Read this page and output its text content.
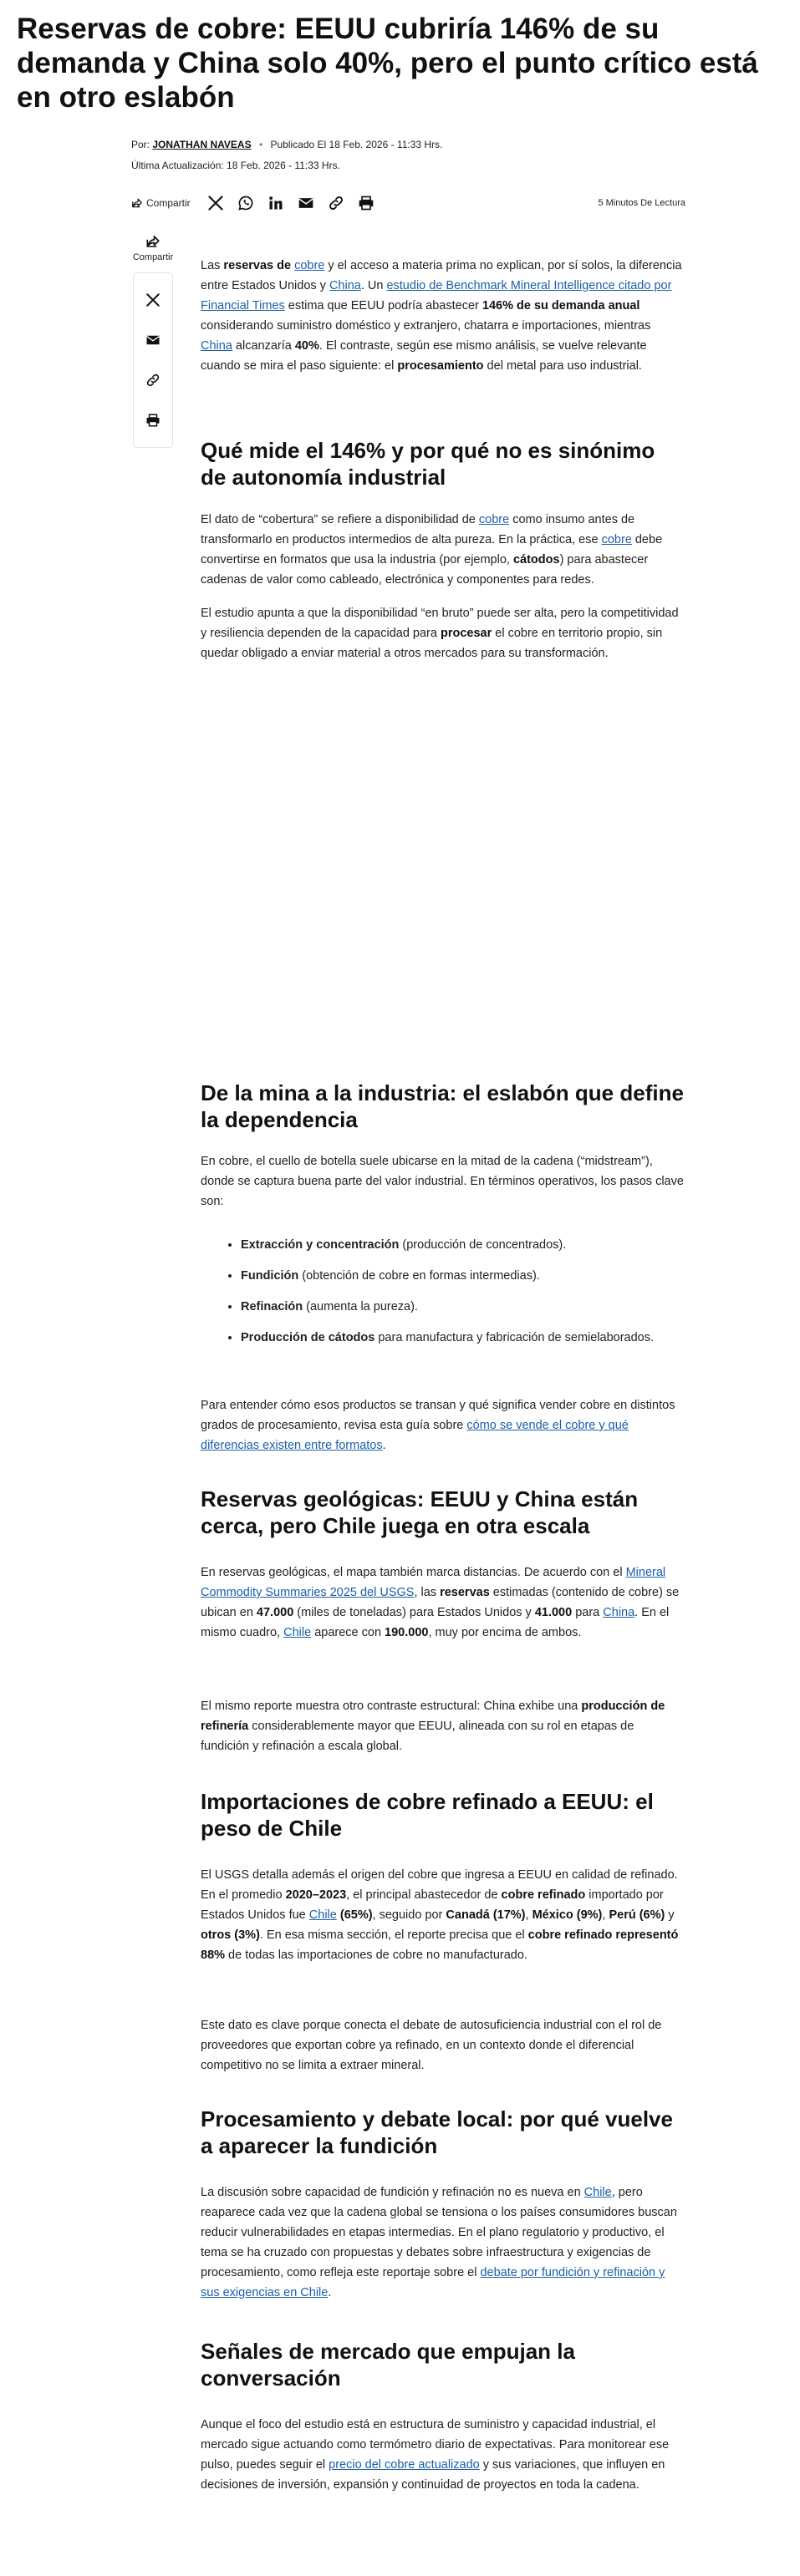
Reservas de cobre: EEUU cubriría 146% de su demanda y China solo 40%, pero el punto crítico está en otro eslabón
Por: JONATHAN NAVEAS • Publicado El 18 Feb. 2026 - 11:33 Hrs.
Última Actualización: 18 Feb. 2026 - 11:33 Hrs.
Compartir	5 Minutos De Lectura
Compartir

Las reservas de cobre y el acceso a materia prima no explican, por sí solos, la diferencia entre Estados Unidos y China. Un estudio de Benchmark Mineral Intelligence citado por Financial Times estima que EEUU podría abastecer 146% de su demanda anual considerando suministro doméstico y extranjero, chatarra e importaciones, mientras China alcanzaría 40%. El contraste, según ese mismo análisis, se vuelve relevante cuando se mira el paso siguiente: el procesamiento del metal para uso industrial.

Qué mide el 146% y por qué no es sinónimo de autonomía industrial

El dato de “cobertura” se refiere a disponibilidad de cobre como insumo antes de transformarlo en productos intermedios de alta pureza. En la práctica, ese cobre debe convertirse en formatos que usa la industria (por ejemplo, cátodos) para abastecer cadenas de valor como cableado, electrónica y componentes para redes.

El estudio apunta a que la disponibilidad “en bruto” puede ser alta, pero la competitividad y resiliencia dependen de la capacidad para procesar el cobre en territorio propio, sin quedar obligado a enviar material a otros mercados para su transformación.

De la mina a la industria: el eslabón que define la dependencia

En cobre, el cuello de botella suele ubicarse en la mitad de la cadena (“midstream”), donde se captura buena parte del valor industrial. En términos operativos, los pasos clave son:

• Extracción y concentración (producción de concentrados).
• Fundición (obtención de cobre en formas intermedias).
• Refinación (aumenta la pureza).
• Producción de cátodos para manufactura y fabricación de semielaborados.

Para entender cómo esos productos se transan y qué significa vender cobre en distintos grados de procesamiento, revisa esta guía sobre cómo se vende el cobre y qué diferencias existen entre formatos.

Reservas geológicas: EEUU y China están cerca, pero Chile juega en otra escala

En reservas geológicas, el mapa también marca distancias. De acuerdo con el Mineral Commodity Summaries 2025 del USGS, las reservas estimadas (contenido de cobre) se ubican en 47.000 (miles de toneladas) para Estados Unidos y 41.000 para China. En el mismo cuadro, Chile aparece con 190.000, muy por encima de ambos.

El mismo reporte muestra otro contraste estructural: China exhibe una producción de refinería considerablemente mayor que EEUU, alineada con su rol en etapas de fundición y refinación a escala global.

Importaciones de cobre refinado a EEUU: el peso de Chile

El USGS detalla además el origen del cobre que ingresa a EEUU en calidad de refinado. En el promedio 2020–2023, el principal abastecedor de cobre refinado importado por Estados Unidos fue Chile (65%), seguido por Canadá (17%), México (9%), Perú (6%) y otros (3%). En esa misma sección, el reporte precisa que el cobre refinado representó 88% de todas las importaciones de cobre no manufacturado.

Este dato es clave porque conecta el debate de autosuficiencia industrial con el rol de proveedores que exportan cobre ya refinado, en un contexto donde el diferencial competitivo no se limita a extraer mineral.

Procesamiento y debate local: por qué vuelve a aparecer la fundición

La discusión sobre capacidad de fundición y refinación no es nueva en Chile, pero reaparece cada vez que la cadena global se tensiona o los países consumidores buscan reducir vulnerabilidades en etapas intermedias. En el plano regulatorio y productivo, el tema se ha cruzado con propuestas y debates sobre infraestructura y exigencias de procesamiento, como refleja este reportaje sobre el debate por fundición y refinación y sus exigencias en Chile.

Señales de mercado que empujan la conversación

Aunque el foco del estudio está en estructura de suministro y capacidad industrial, el mercado sigue actuando como termómetro diario de expectativas. Para monitorear ese pulso, puedes seguir el precio del cobre actualizado y sus variaciones, que influyen en decisiones de inversión, expansión y continuidad de proyectos en toda la cadena.
